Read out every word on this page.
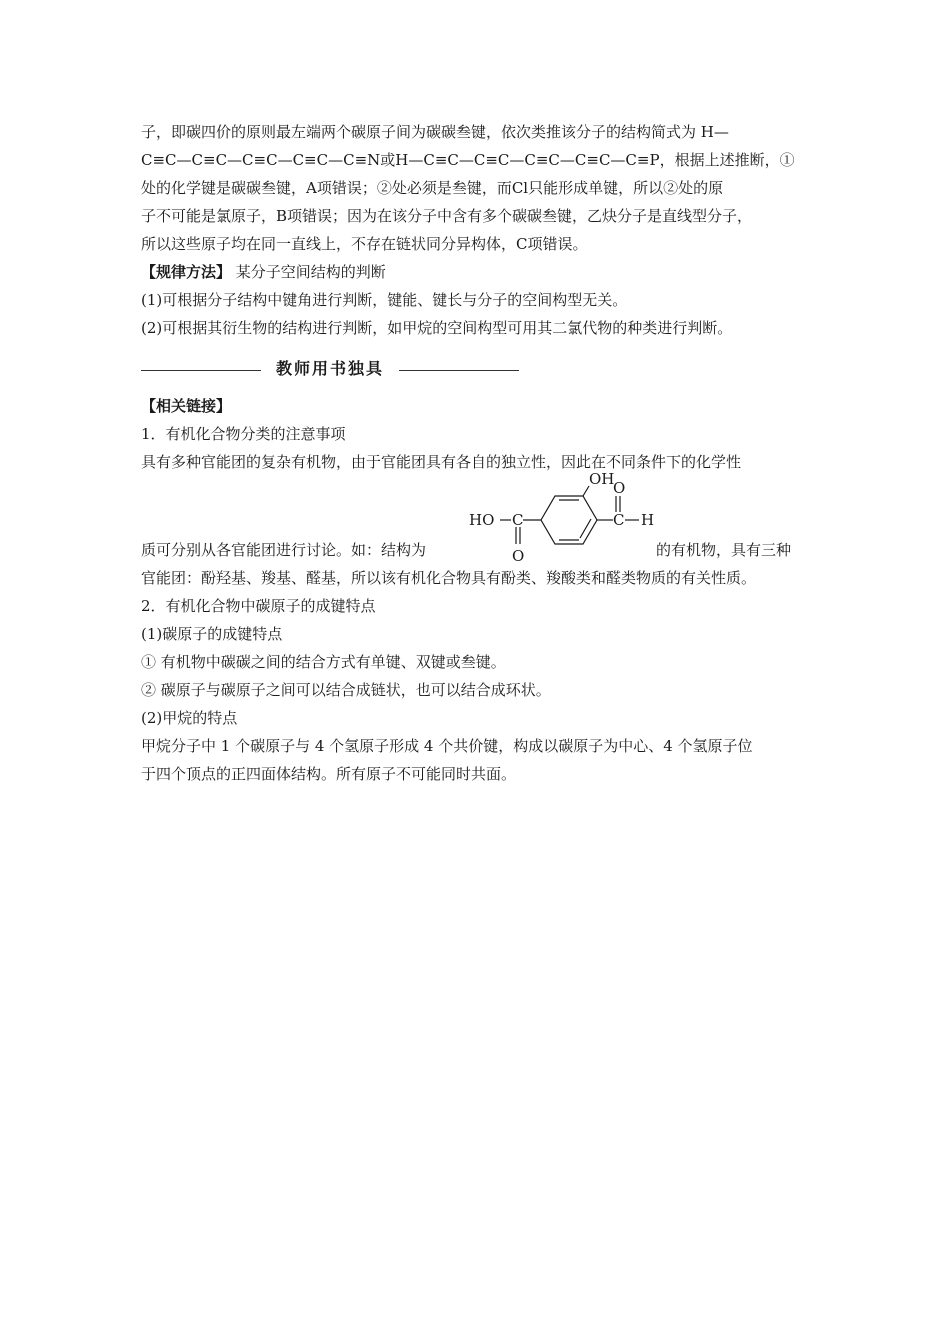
子，即碳四价的原则最左端两个碳原子间为碳碳叁键，依次类推该分子的结构简式为 H—
C≡C—C≡C—C≡C—C≡C—C≡N或H—C≡C—C≡C—C≡C—C≡C—C≡P，根据上述推断，①
处的化学键是碳碳叁键，A项错误；②处必须是叁键，而Cl只能形成单键，所以②处的原
子不可能是氯原子，B项错误；因为在该分子中含有多个碳碳叁键，乙炔分子是直线型分子，
所以这些原子均在同一直线上，不存在链状同分异构体，C项错误。
【规律方法】 某分子空间结构的判断
(1)可根据分子结构中键角进行判断，键能、键长与分子的空间构型无关。
(2)可根据其衍生物的结构进行判断，如甲烷的空间构型可用其二氯代物的种类进行判断。
教师用书独具
【相关链接】
1．有机化合物分类的注意事项
具有多种官能团的复杂有机物，由于官能团具有各自的独立性，因此在不同条件下的化学性
OH
HO C
O
C
O
H
质可分别从各官能团进行讨论。如：结构为	的有机物，具有三种
官能团：酚羟基、羧基、醛基，所以该有机化合物具有酚类、羧酸类和醛类物质的有关性质。
2．有机化合物中碳原子的成键特点
(1)碳原子的成键特点
① 有机物中碳碳之间的结合方式有单键、双键或叁键。
② 碳原子与碳原子之间可以结合成链状，也可以结合成环状。
(2)甲烷的特点
甲烷分子中 1 个碳原子与 4 个氢原子形成 4 个共价键，构成以碳原子为中心、4 个氢原子位
于四个顶点的正四面体结构。所有原子不可能同时共面。
